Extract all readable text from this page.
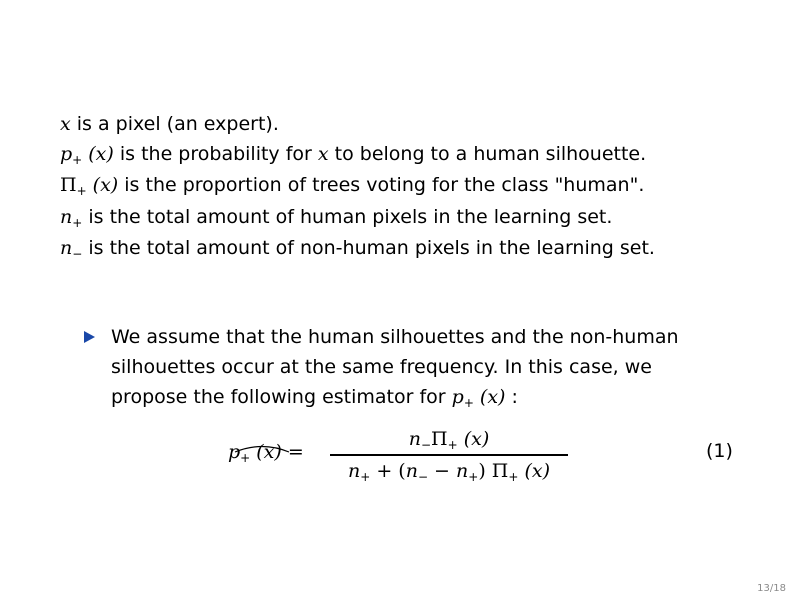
x is a pixel (an expert).
$p_+$ (x) is the probability for x to belong to a human silhouette.
$\Pi_+$ (x) is the proportion of trees voting for the class "human".
$n_+$ is the total amount of human pixels in the learning set.
$n_-$ is the total amount of non-human pixels in the learning set.
We assume that the human silhouettes and the non-human silhouettes occur at the same frequency. In this case, we propose the following estimator for $p_+$ (x) :
$p_+$ (x) =
$n_-\Pi_+$ (x)
$n_+ + (n_- - n_+)$ $\Pi_+$ (x)
(1)
13/18
